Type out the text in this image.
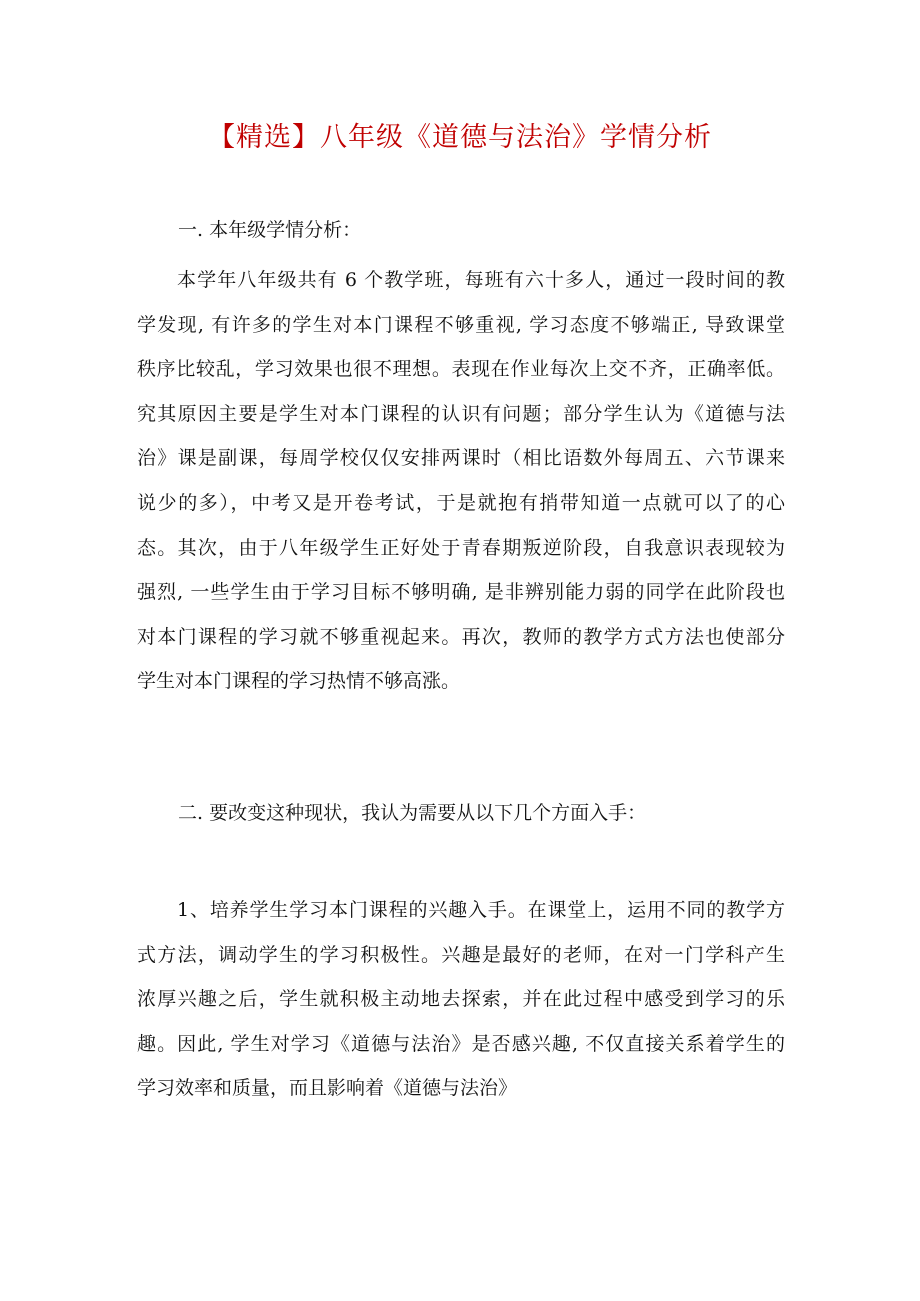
【精选】八年级《道德与法治》学情分析
一. 本年级学情分析：
本学年八年级共有 6 个教学班，每班有六十多人，通过一段时间的教
学发现, 有许多的学生对本门课程不够重视, 学习态度不够端正, 导致课堂
秩序比较乱，学习效果也很不理想。表现在作业每次上交不齐，正确率低。
究其原因主要是学生对本门课程的认识有问题；部分学生认为《道德与法
治》课是副课，每周学校仅仅安排两课时（相比语数外每周五、六节课来
说少的多），中考又是开卷考试，于是就抱有捎带知道一点就可以了的心
态。其次，由于八年级学生正好处于青春期叛逆阶段，自我意识表现较为
强烈, 一些学生由于学习目标不够明确, 是非辨别能力弱的同学在此阶段也
对本门课程的学习就不够重视起来。再次，教师的教学方式方法也使部分
学生对本门课程的学习热情不够高涨。
二. 要改变这种现状，我认为需要从以下几个方面入手：
1、培养学生学习本门课程的兴趣入手。在课堂上，运用不同的教学方
式方法，调动学生的学习积极性。兴趣是最好的老师，在对一门学科产生
浓厚兴趣之后，学生就积极主动地去探索，并在此过程中感受到学习的乐
趣。因此, 学生对学习《道德与法治》是否感兴趣, 不仅直接关系着学生的
学习效率和质量，而且影响着《道德与法治》
